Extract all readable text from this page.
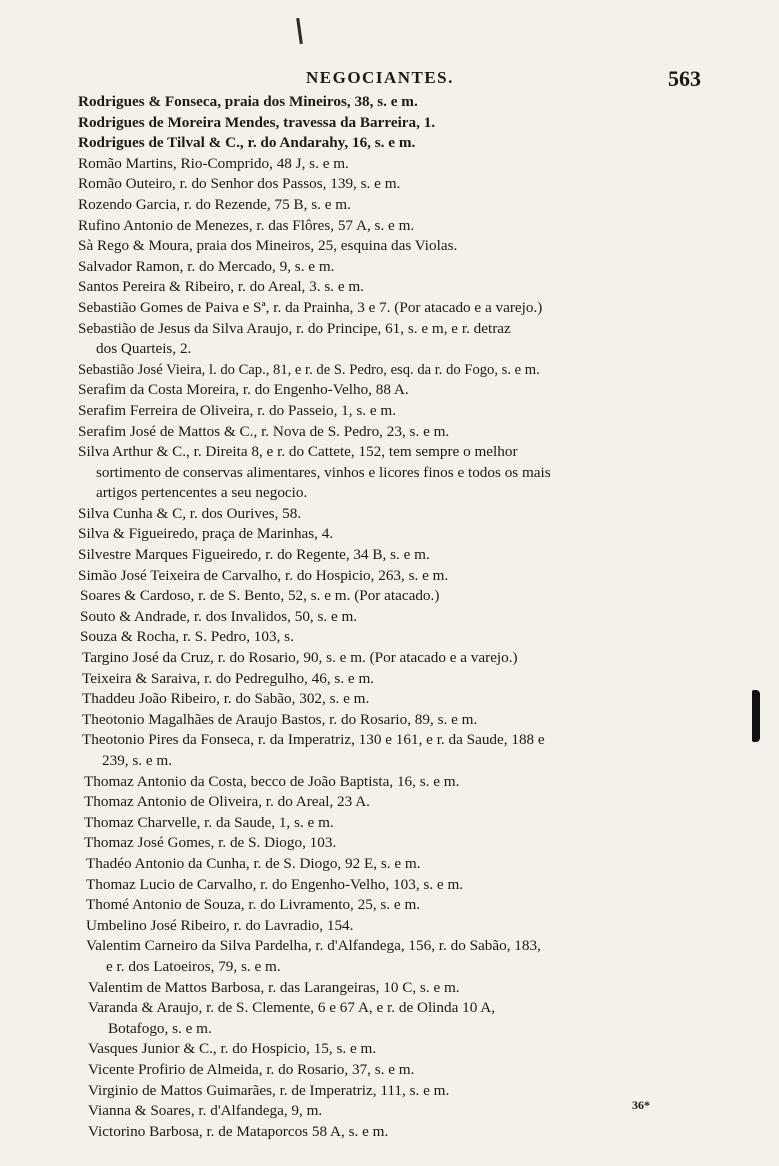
NEGOCIANTES.	563
Rodrigues & Fonseca, praia dos Mineiros, 38, s. e m.
Rodrigues de Moreira Mendes, travessa da Barreira, 1.
Rodrigues de Tilval & C., r. do Andarahy, 16, s. e m.
Romão Martins, Rio-Comprido, 48 J, s. e m.
Romão Outeiro, r. do Senhor dos Passos, 139, s. e m.
Rozendo Garcia, r. do Rezende, 75 B, s. e m.
Rufino Antonio de Menezes, r. das Flôres, 57 A, s. e m.
Sà Rego & Moura, praia dos Mineiros, 25, esquina das Violas.
Salvador Ramon, r. do Mercado, 9, s. e m.
Santos Pereira & Ribeiro, r. do Areal, 3. s. e m.
Sebastião Gomes de Paiva e Sª, r. da Prainha, 3 e 7. (Por atacado e a varejo.)
Sebastião de Jesus da Silva Araujo, r. do Principe, 61, s. e m, e r. detraz
dos Quarteis, 2.
Sebastião José Vieira, l. do Cap., 81, e r. de S. Pedro, esq. da r. do Fogo, s. e m.
Serafim da Costa Moreira, r. do Engenho-Velho, 88 A.
Serafim Ferreira de Oliveira, r. do Passeio, 1, s. e m.
Serafim José de Mattos & C., r. Nova de S. Pedro, 23, s. e m.
Silva Arthur & C., r. Direita 8, e r. do Cattete, 152, tem sempre o melhor
sortimento de conservas alimentares, vinhos e licores finos e todos os mais
artigos pertencentes a seu negocio.
Silva Cunha & C, r. dos Ourives, 58.
Silva & Figueiredo, praça de Marinhas, 4.
Silvestre Marques Figueiredo, r. do Regente, 34 B, s. e m.
Simão José Teixeira de Carvalho, r. do Hospicio, 263, s. e m.
Soares & Cardoso, r. de S. Bento, 52, s. e m. (Por atacado.)
Souto & Andrade, r. dos Invalidos, 50, s. e m.
Souza & Rocha, r. S. Pedro, 103, s.
Targino José da Cruz, r. do Rosario, 90, s. e m. (Por atacado e a varejo.)
Teixeira & Saraiva, r. do Pedregulho, 46, s. e m.
Thaddeu João Ribeiro, r. do Sabão, 302, s. e m.
Theotonio Magalhães de Araujo Bastos, r. do Rosario, 89, s. e m.
Theotonio Pires da Fonseca, r. da Imperatriz, 130 e 161, e r. da Saude, 188 e
239, s. e m.
Thomaz Antonio da Costa, becco de João Baptista, 16, s. e m.
Thomaz Antonio de Oliveira, r. do Areal, 23 A.
Thomaz Charvelle, r. da Saude, 1, s. e m.
Thomaz José Gomes, r. de S. Diogo, 103.
Thadéo Antonio da Cunha, r. de S. Diogo, 92 E, s. e m.
Thomaz Lucio de Carvalho, r. do Engenho-Velho, 103, s. e m.
Thomé Antonio de Souza, r. do Livramento, 25, s. e m.
Umbelino José Ribeiro, r. do Lavradio, 154.
Valentim Carneiro da Silva Pardelha, r. d'Alfandega, 156, r. do Sabão, 183,
e r. dos Latoeiros, 79, s. e m.
Valentim de Mattos Barbosa, r. das Larangeiras, 10 C, s. e m.
Varanda & Araujo, r. de S. Clemente, 6 e 67 A, e r. de Olinda 10 A,
Botafogo, s. e m.
Vasques Junior & C., r. do Hospicio, 15, s. e m.
Vicente Profirio de Almeida, r. do Rosario, 37, s. e m.
Virginio de Mattos Guimarães, r. de Imperatriz, 111, s. e m.
Vianna & Soares, r. d'Alfandega, 9, m.
Victorino Barbosa, r. de Mataporcos 58 A, s. e m.
36*
